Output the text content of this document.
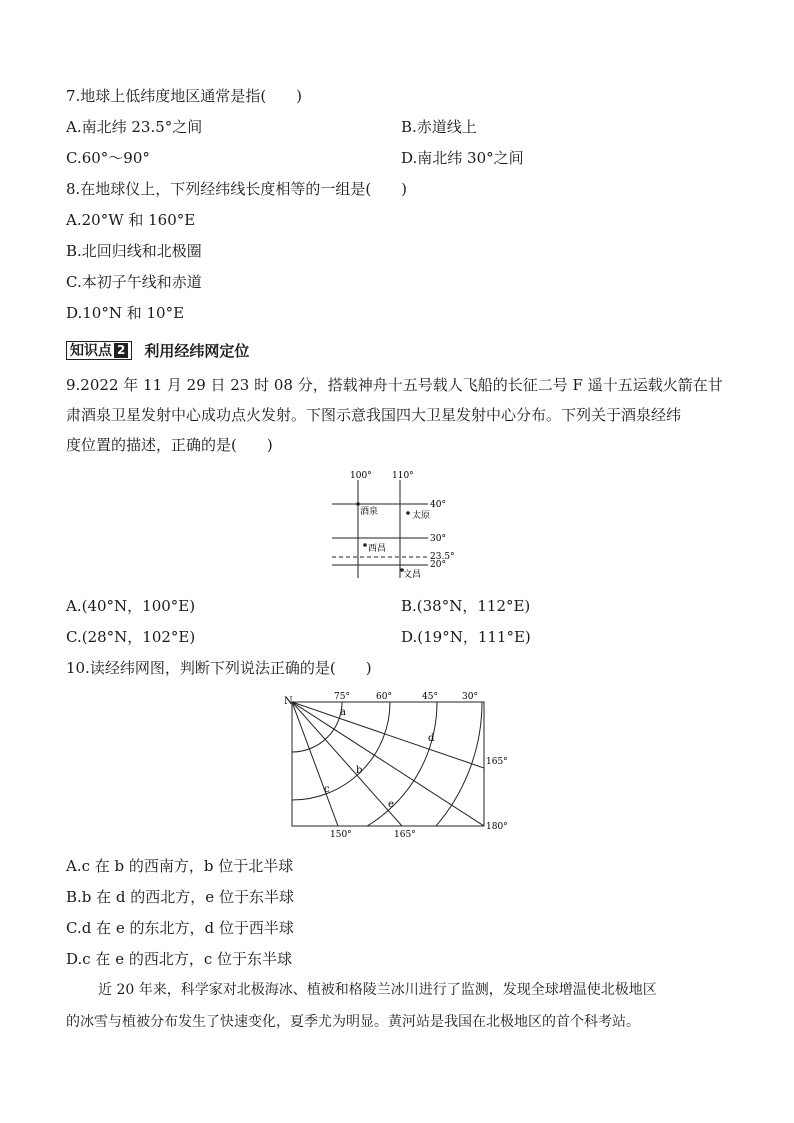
7.地球上低纬度地区通常是指(　　)
A.南北纬 23.5°之间	B.赤道线上
C.60°～90°	D.南北纬 30°之间
8.在地球仪上，下列经纬线长度相等的一组是(　　)
A.20°W 和 160°E
B.北回归线和北极圈
C.本初子午线和赤道
D.10°N 和 10°E
知识点 2 利用经纬网定位
9.2022 年 11 月 29 日 23 时 08 分，搭载神舟十五号载人飞船的长征二号 F 遥十五运载火箭在甘
肃酒泉卫星发射中心成功点火发射。下图示意我国四大卫星发射中心分布。下列关于酒泉经纬
度位置的描述，正确的是(　　)
100° 110°
40°
30°
23.5°
20°
酒泉	太原
西昌
文昌
A.(40°N，100°E)	B.(38°N，112°E)
C.(28°N，102°E)	D.(19°N，111°E)
10.读经纬网图，判断下列说法正确的是(　　)
N	75°	60°	45°	30°
165°
180°
150°	165°
a
b
c
d
e
A.c 在 b 的西南方，b 位于北半球
B.b 在 d 的西北方，e 位于东半球
C.d 在 e 的东北方，d 位于西半球
D.c 在 e 的西北方，c 位于东半球
近 20 年来，科学家对北极海冰、植被和格陵兰冰川进行了监测，发现全球增温使北极地区
的冰雪与植被分布发生了快速变化，夏季尤为明显。黄河站是我国在北极地区的首个科考站。
